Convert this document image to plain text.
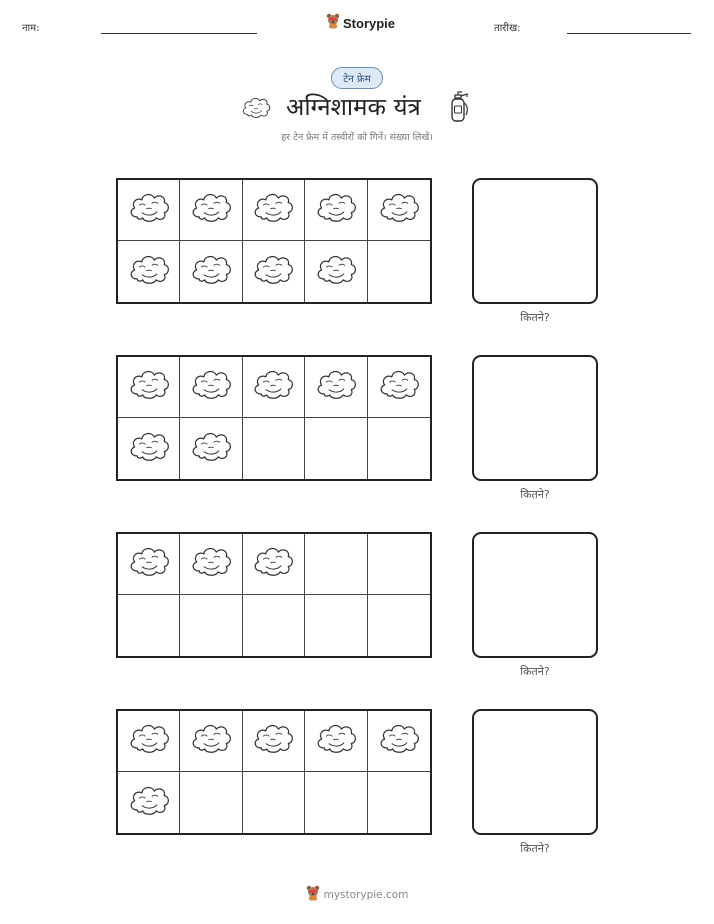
नाम:	Storypie	तारीख:
टेन फ्रेम
अग्निशामक यंत्र
हर टेन फ्रेम में तस्वीरों को गिनें। संख्या लिखें।
कितने?
कितने?
कितने?
कितने?
mystorypie.com
